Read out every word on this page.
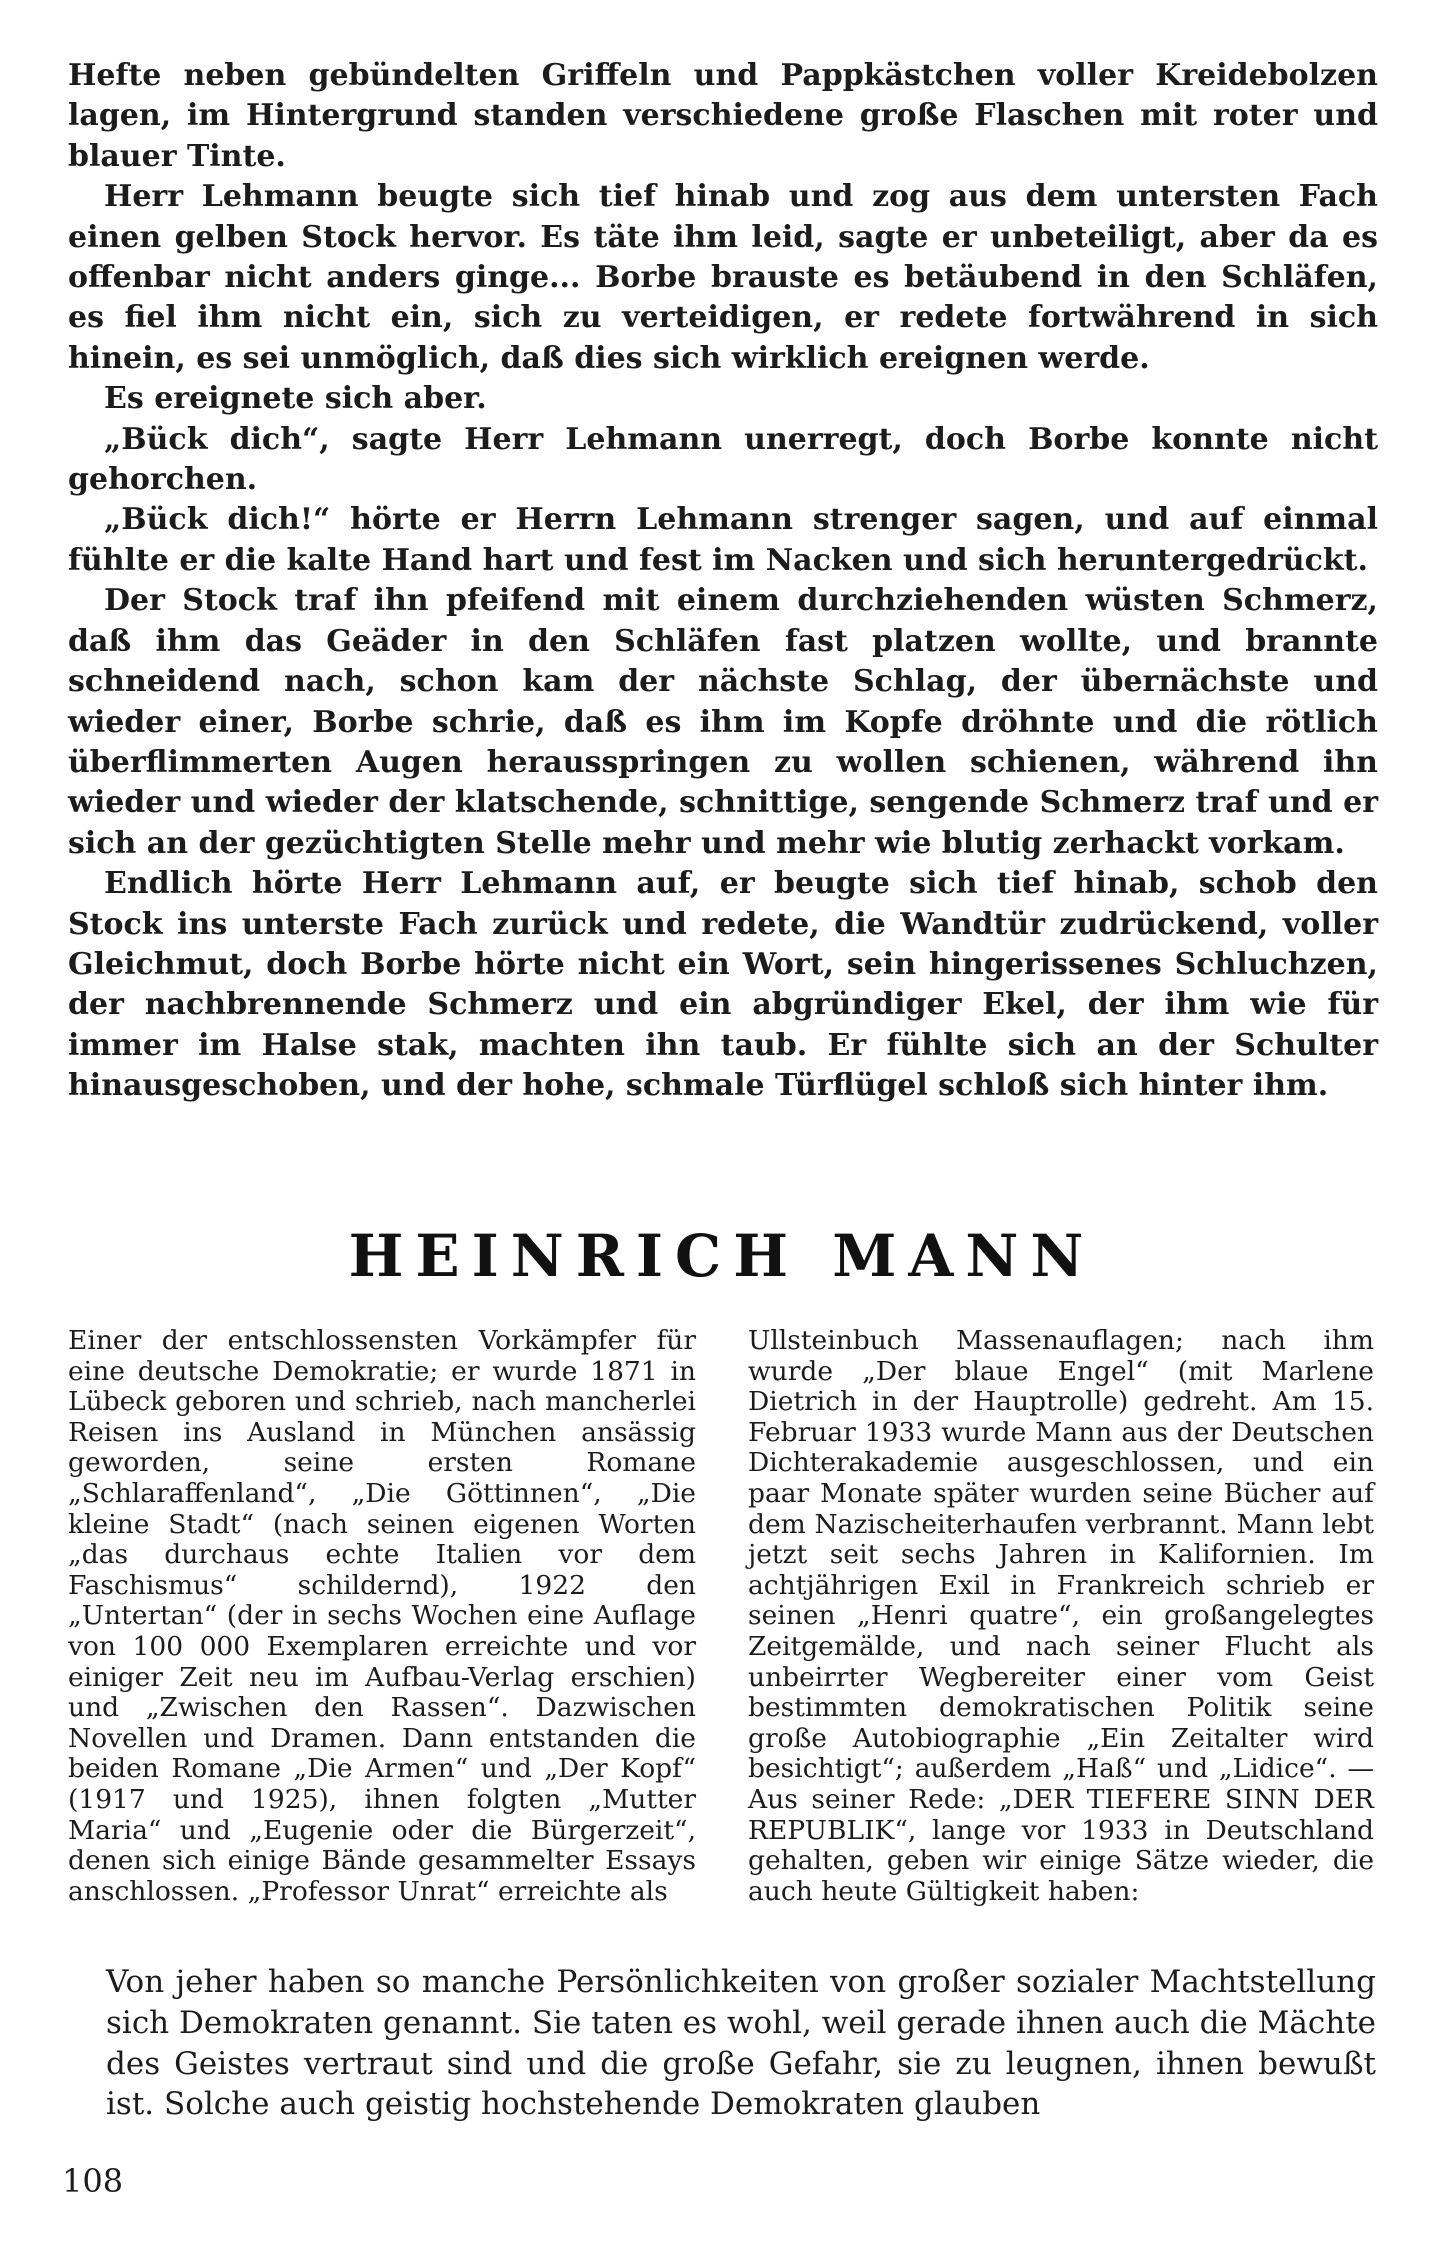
Hefte neben gebündelten Griffeln und Pappkästchen voller Kreidebolzen lagen, im Hintergrund standen verschiedene große Flaschen mit roter und blauer Tinte.

Herr Lehmann beugte sich tief hinab und zog aus dem untersten Fach einen gelben Stock hervor. Es täte ihm leid, sagte er unbeteiligt, aber da es offenbar nicht anders ginge... Borbe brauste es betäubend in den Schläfen, es fiel ihm nicht ein, sich zu verteidigen, er redete fortwährend in sich hinein, es sei unmöglich, daß dies sich wirklich ereignen werde.

Es ereignete sich aber.

„Bück dich“, sagte Herr Lehmann unerregt, doch Borbe konnte nicht gehorchen.

„Bück dich!“ hörte er Herrn Lehmann strenger sagen, und auf einmal fühlte er die kalte Hand hart und fest im Nacken und sich heruntergedrückt.

Der Stock traf ihn pfeifend mit einem durchziehenden wüsten Schmerz, daß ihm das Geäder in den Schläfen fast platzen wollte, und brannte schneidend nach, schon kam der nächste Schlag, der übernächste und wieder einer, Borbe schrie, daß es ihm im Kopfe dröhnte und die rötlich überflimmerten Augen herausspringen zu wollen schienen, während ihn wieder und wieder der klatschende, schnittige, sengende Schmerz traf und er sich an der gezüchtigten Stelle mehr und mehr wie blutig zerhackt vorkam.

Endlich hörte Herr Lehmann auf, er beugte sich tief hinab, schob den Stock ins unterste Fach zurück und redete, die Wandtür zudrückend, voller Gleichmut, doch Borbe hörte nicht ein Wort, sein hingerissenes Schluchzen, der nachbrennende Schmerz und ein abgründiger Ekel, der ihm wie für immer im Halse stak, machten ihn taub. Er fühlte sich an der Schulter hinausgeschoben, und der hohe, schmale Türflügel schloß sich hinter ihm.

HEINRICH MANN

Einer der entschlossensten Vorkämpfer für eine deutsche Demokratie; er wurde 1871 in Lübeck geboren und schrieb, nach mancherlei Reisen ins Ausland in München ansässig geworden, seine ersten Romane „Schlaraffenland“, „Die Göttinnen“, „Die kleine Stadt“ (nach seinen eigenen Worten „das durchaus echte Italien vor dem Faschismus“ schildernd), 1922 den „Untertan“ (der in sechs Wochen eine Auflage von 100 000 Exemplaren erreichte und vor einiger Zeit neu im Aufbau-Verlag erschien) und „Zwischen den Rassen“. Dazwischen Novellen und Dramen. Dann entstanden die beiden Romane „Die Armen“ und „Der Kopf“ (1917 und 1925), ihnen folgten „Mutter Maria“ und „Eugenie oder die Bürgerzeit“, denen sich einige Bände gesammelter Essays anschlossen. „Professor Unrat“ erreichte als

Ullsteinbuch Massenauflagen; nach ihm wurde „Der blaue Engel“ (mit Marlene Dietrich in der Hauptrolle) gedreht. Am 15. Februar 1933 wurde Mann aus der Deutschen Dichterakademie ausgeschlossen, und ein paar Monate später wurden seine Bücher auf dem Nazischeiterhaufen verbrannt. Mann lebt jetzt seit sechs Jahren in Kalifornien. Im achtjährigen Exil in Frankreich schrieb er seinen „Henri quatre“, ein großangelegtes Zeitgemälde, und nach seiner Flucht als unbeirrter Wegbereiter einer vom Geist bestimmten demokratischen Politik seine große Autobiographie „Ein Zeitalter wird besichtigt“; außerdem „Haß“ und „Lidice“. — Aus seiner Rede: „DER TIEFERE SINN DER REPUBLIK“, lange vor 1933 in Deutschland gehalten, geben wir einige Sätze wieder, die auch heute Gültigkeit haben:

Von jeher haben so manche Persönlichkeiten von großer sozialer Machtstellung sich Demokraten genannt. Sie taten es wohl, weil gerade ihnen auch die Mächte des Geistes vertraut sind und die große Gefahr, sie zu leugnen, ihnen bewußt ist. Solche auch geistig hochstehende Demokraten glauben

108
